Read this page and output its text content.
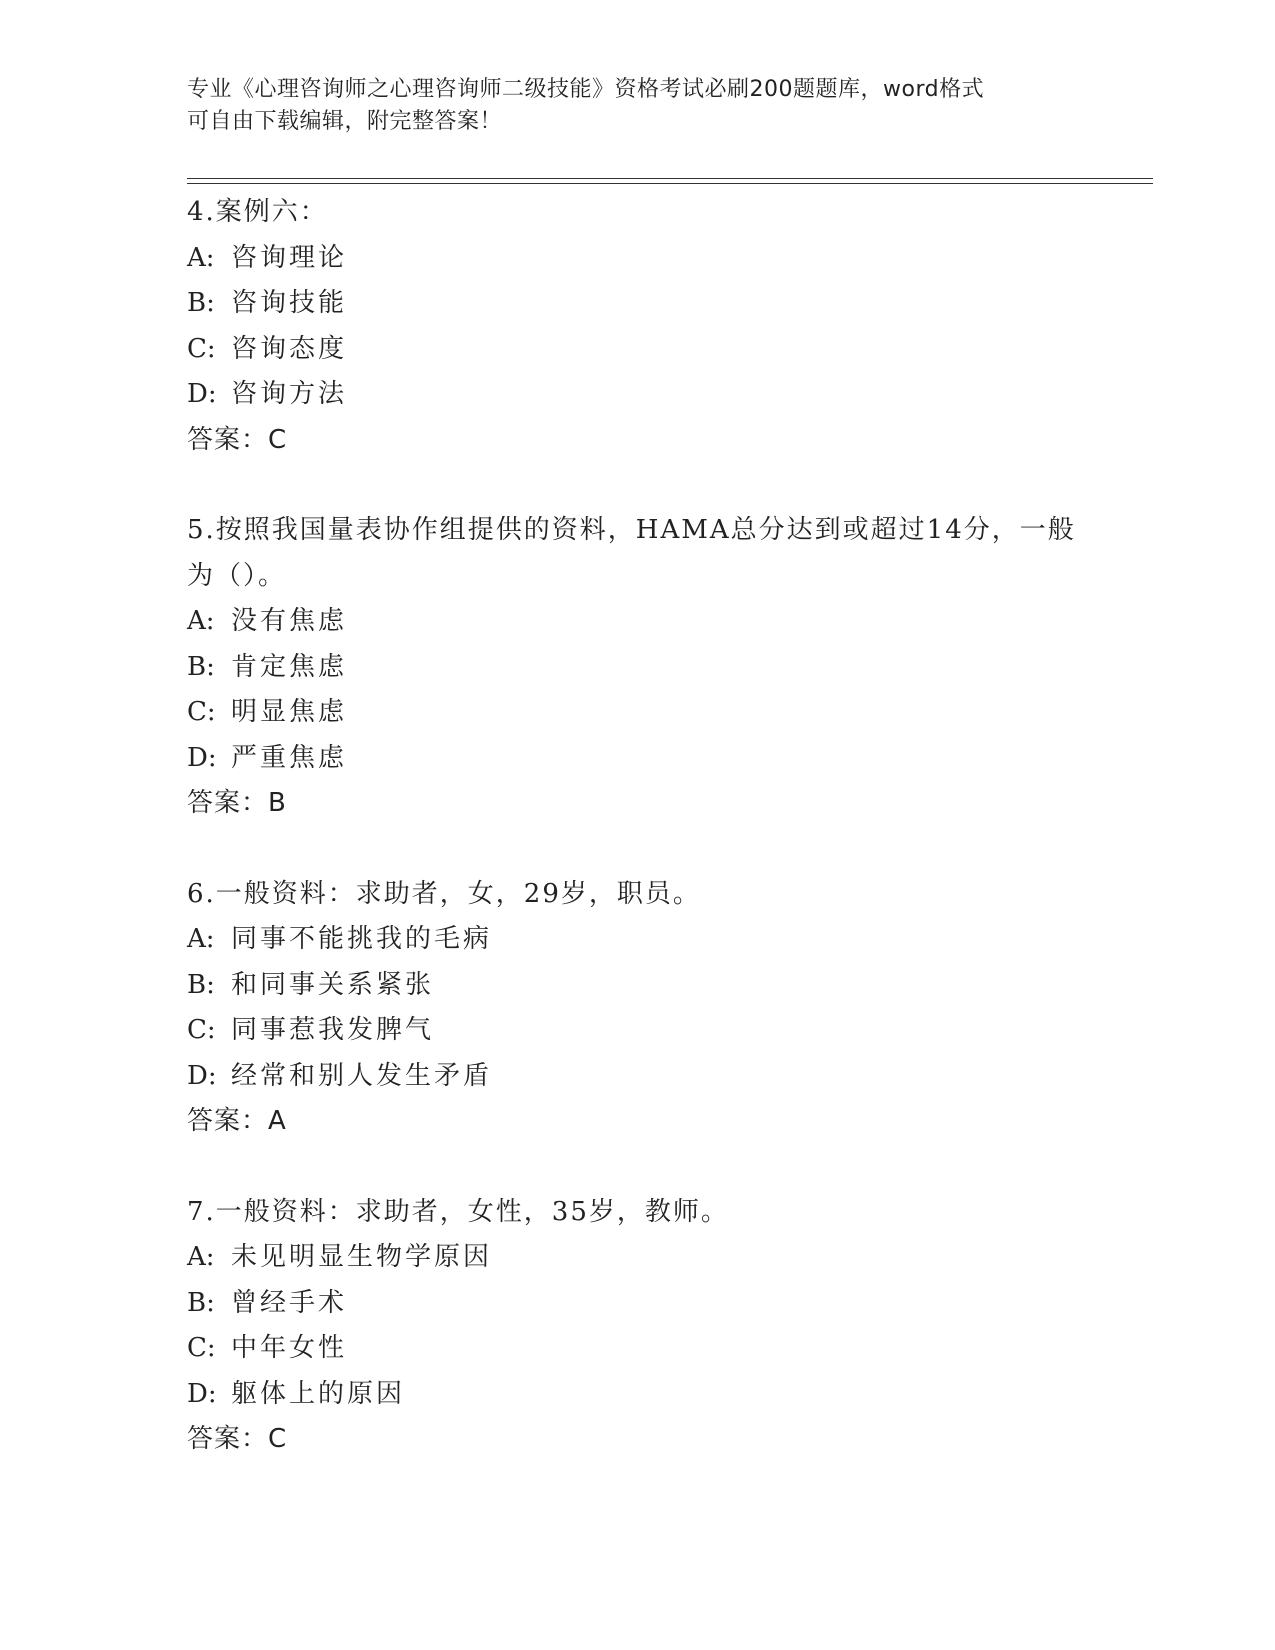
专业《心理咨询师之心理咨询师二级技能》资格考试必刷200题题库，word格式
可自由下载编辑，附完整答案！
4.案例六：
A: 咨询理论
B: 咨询技能
C: 咨询态度
D: 咨询方法
答案：C
5.按照我国量表协作组提供的资料，HAMA总分达到或超过14分，一般为（）。
A: 没有焦虑
B: 肯定焦虑
C: 明显焦虑
D: 严重焦虑
答案：B
6.一般资料：求助者，女，29岁，职员。
A: 同事不能挑我的毛病
B: 和同事关系紧张
C: 同事惹我发脾气
D: 经常和别人发生矛盾
答案：A
7.一般资料：求助者，女性，35岁，教师。
A: 未见明显生物学原因
B: 曾经手术
C: 中年女性
D: 躯体上的原因
答案：C
